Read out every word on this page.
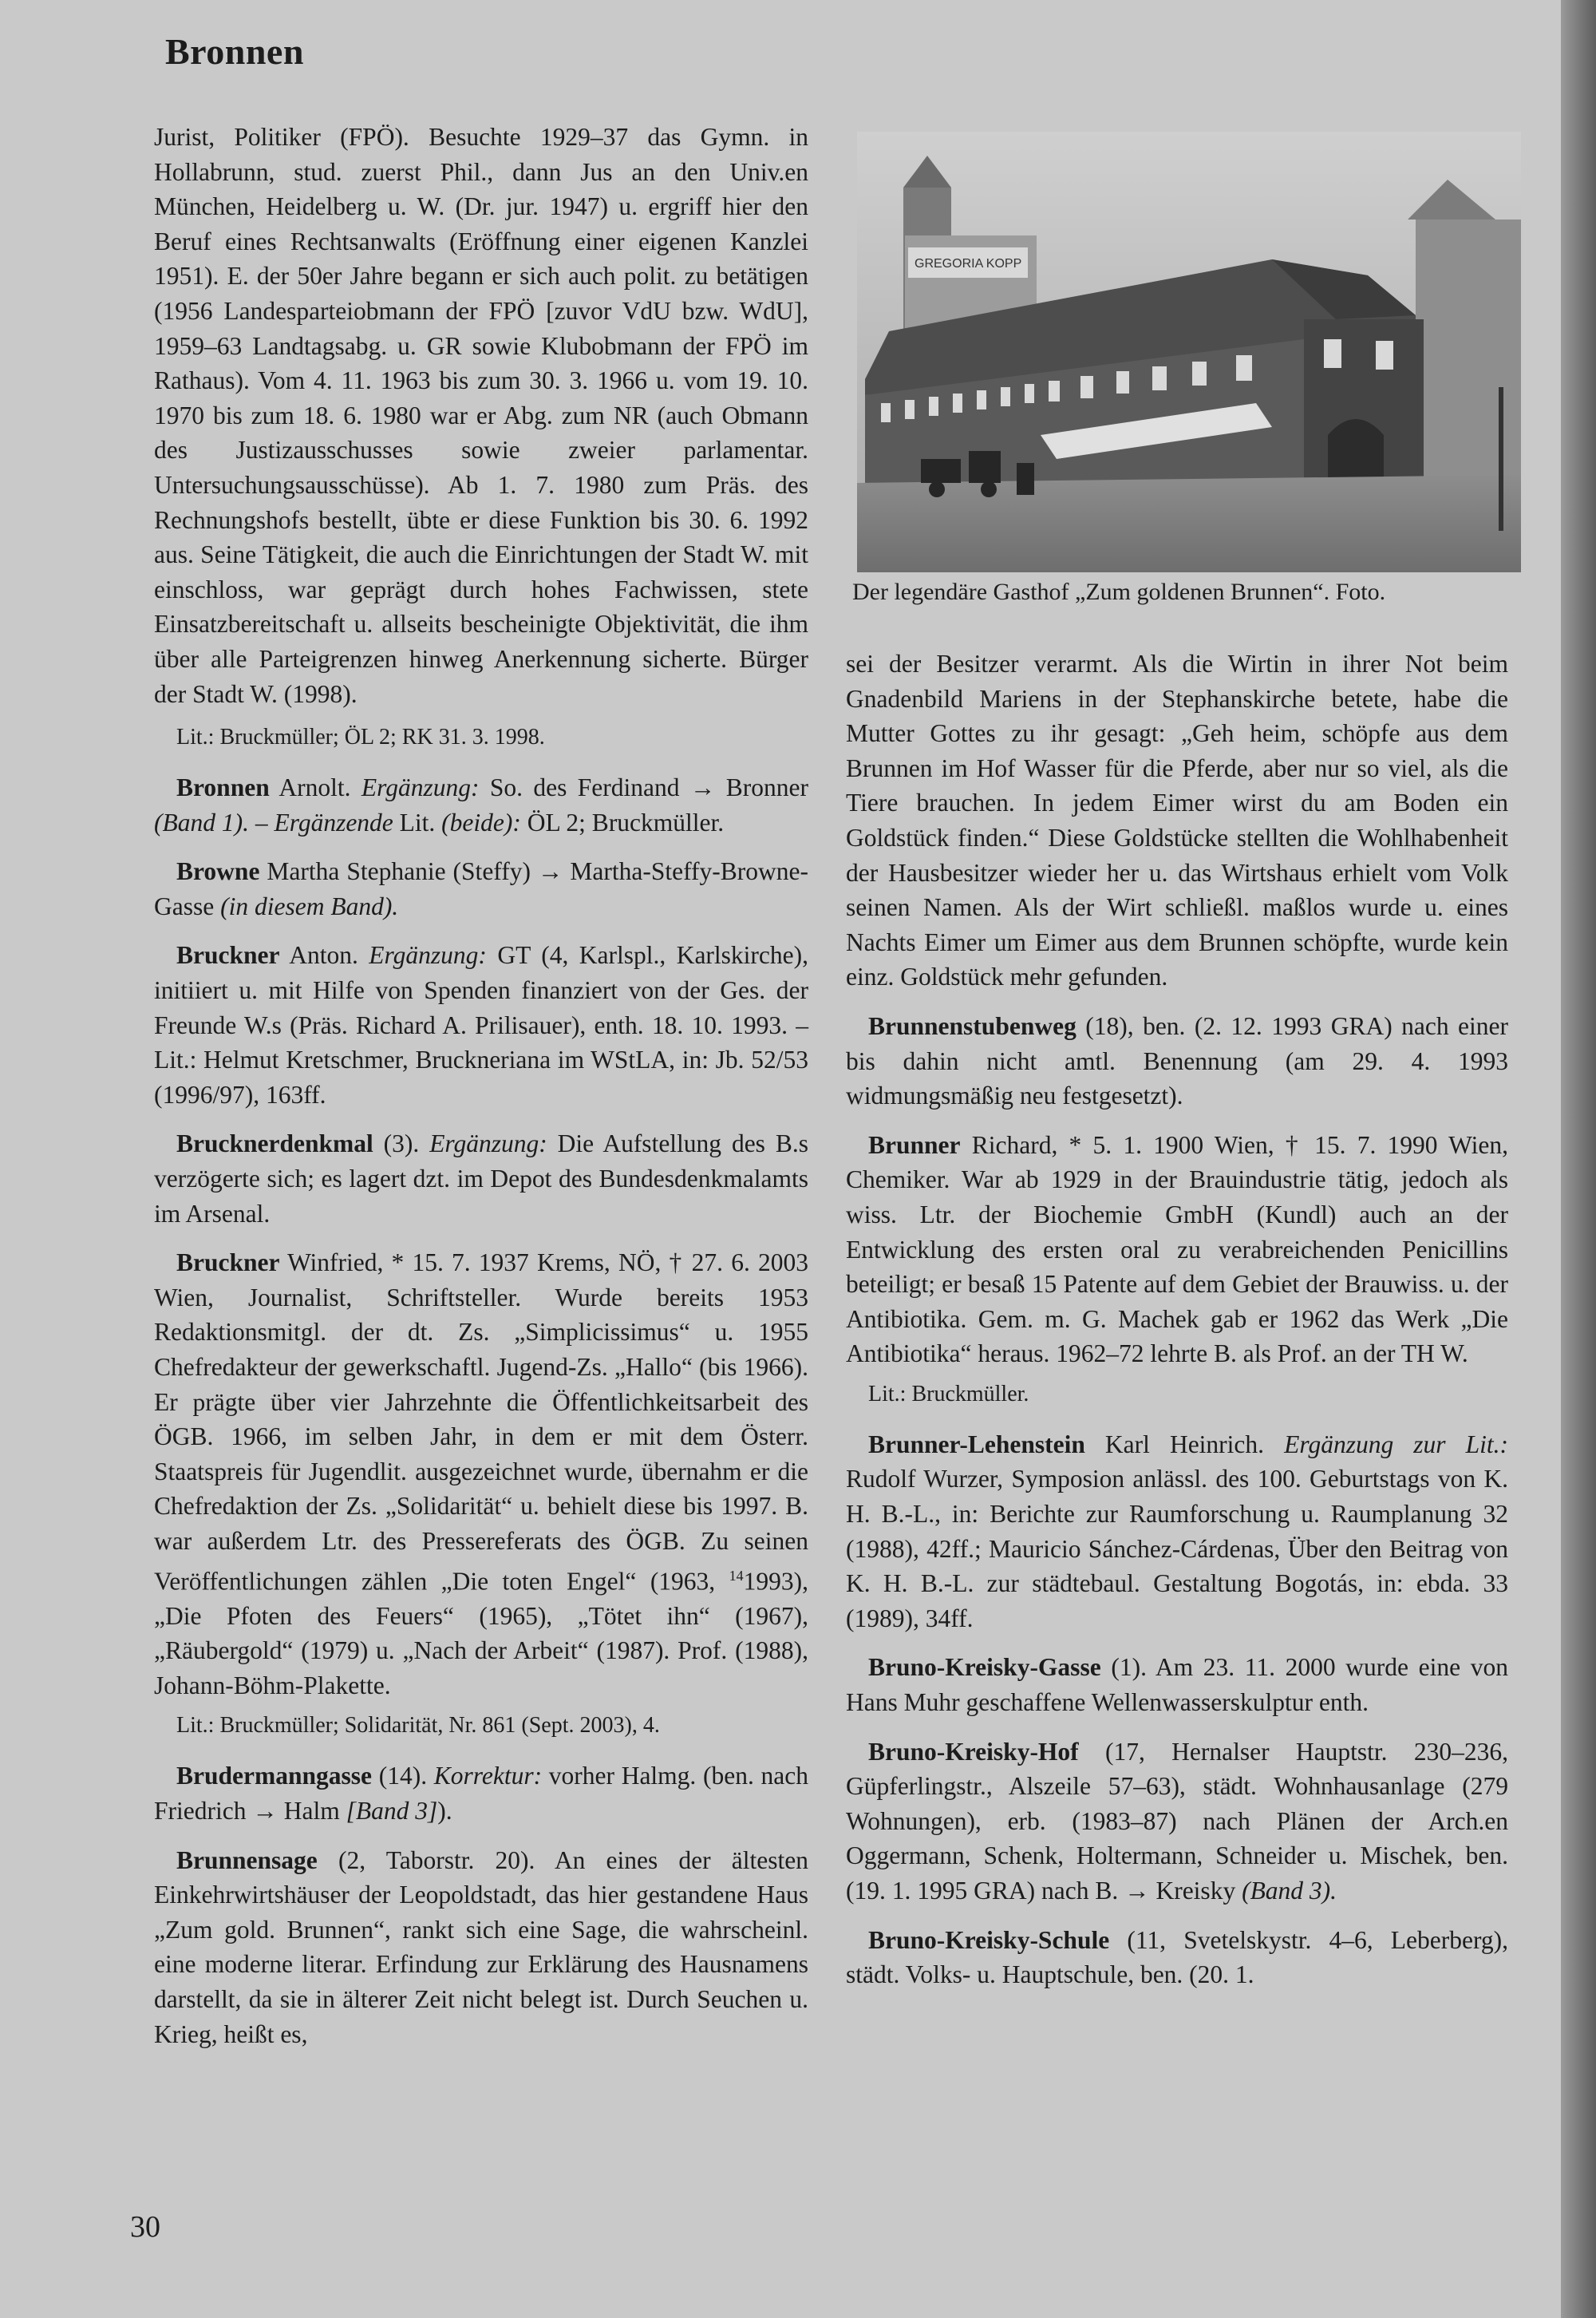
Bronnen

Jurist, Politiker (FPÖ). Besuchte 1929–37 das Gymn. in Hollabrunn, stud. zuerst Phil., dann Jus an den Univ.en München, Heidelberg u. W. (Dr. jur. 1947) u. ergriff hier den Beruf eines Rechtsanwalts (Eröffnung einer eigenen Kanzlei 1951). E. der 50er Jahre begann er sich auch polit. zu betätigen (1956 Landesparteiobmann der FPÖ [zuvor VdU bzw. WdU], 1959–63 Landtagsabg. u. GR sowie Klubobmann der FPÖ im Rathaus). Vom 4. 11. 1963 bis zum 30. 3. 1966 u. vom 19. 10. 1970 bis zum 18. 6. 1980 war er Abg. zum NR (auch Obmann des Justizausschusses sowie zweier parlamentar. Untersuchungsausschüsse). Ab 1. 7. 1980 zum Präs. des Rechnungshofs bestellt, übte er diese Funktion bis 30. 6. 1992 aus. Seine Tätigkeit, die auch die Einrichtungen der Stadt W. mit einschloss, war geprägt durch hohes Fachwissen, stete Einsatzbereitschaft u. allseits bescheinigte Objektivität, die ihm über alle Parteigrenzen hinweg Anerkennung sicherte. Bürger der Stadt W. (1998).

Lit.: Bruckmüller; ÖL 2; RK 31. 3. 1998.

Bronnen Arnolt. Ergänzung: So. des Ferdinand → Bronner (Band 1). – Ergänzende Lit. (beide): ÖL 2; Bruckmüller.

Browne Martha Stephanie (Steffy) → Martha-Steffy-Browne-Gasse (in diesem Band).

Bruckner Anton. Ergänzung: GT (4, Karlspl., Karlskirche), initiiert u. mit Hilfe von Spenden finanziert von der Ges. der Freunde W.s (Präs. Richard A. Prilisauer), enth. 18. 10. 1993. – Lit.: Helmut Kretschmer, Bruckneriana im WStLA, in: Jb. 52/53 (1996/97), 163ff.

Brucknerdenkmal (3). Ergänzung: Die Aufstellung des B.s verzögerte sich; es lagert dzt. im Depot des Bundesdenkmalamts im Arsenal.

Bruckner Winfried, * 15. 7. 1937 Krems, NÖ, † 27. 6. 2003 Wien, Journalist, Schriftsteller. Wurde bereits 1953 Redaktionsmitgl. der dt. Zs. „Simplicissimus“ u. 1955 Chefredakteur der gewerkschaftl. Jugend-Zs. „Hallo“ (bis 1966). Er prägte über vier Jahrzehnte die Öffentlichkeitsarbeit des ÖGB. 1966, im selben Jahr, in dem er mit dem Österr. Staatspreis für Jugendlit. ausgezeichnet wurde, übernahm er die Chefredaktion der Zs. „Solidarität“ u. behielt diese bis 1997. B. war außerdem Ltr. des Pressereferats des ÖGB. Zu seinen Veröffentlichungen zählen „Die toten Engel“ (1963, $^{14}$1993), „Die Pfoten des Feuers“ (1965), „Tötet ihn“ (1967), „Räubergold“ (1979) u. „Nach der Arbeit“ (1987). Prof. (1988), Johann-Böhm-Plakette.

Lit.: Bruckmüller; Solidarität, Nr. 861 (Sept. 2003), 4.

Brudermanngasse (14). Korrektur: vorher Halmg. (ben. nach Friedrich → Halm [Band 3]).

Brunnensage (2, Taborstr. 20). An eines der ältesten Einkehrwirtshäuser der Leopoldstadt, das hier gestandene Haus „Zum gold. Brunnen“, rankt sich eine Sage, die wahrscheinl. eine moderne literar. Erfindung zur Erklärung des Hausnamens darstellt, da sie in älterer Zeit nicht belegt ist. Durch Seuchen u. Krieg, heißt es,

GREGORIA KOPP
Der legendäre Gasthof „Zum goldenen Brunnen“. Foto.

sei der Besitzer verarmt. Als die Wirtin in ihrer Not beim Gnadenbild Mariens in der Stephanskirche betete, habe die Mutter Gottes zu ihr gesagt: „Geh heim, schöpfe aus dem Brunnen im Hof Wasser für die Pferde, aber nur so viel, als die Tiere brauchen. In jedem Eimer wirst du am Boden ein Goldstück finden.“ Diese Goldstücke stellten die Wohlhabenheit der Hausbesitzer wieder her u. das Wirtshaus erhielt vom Volk seinen Namen. Als der Wirt schließl. maßlos wurde u. eines Nachts Eimer um Eimer aus dem Brunnen schöpfte, wurde kein einz. Goldstück mehr gefunden.

Brunnenstubenweg (18), ben. (2. 12. 1993 GRA) nach einer bis dahin nicht amtl. Benennung (am 29. 4. 1993 widmungsmäßig neu festgesetzt).

Brunner Richard, * 5. 1. 1900 Wien, † 15. 7. 1990 Wien, Chemiker. War ab 1929 in der Brauindustrie tätig, jedoch als wiss. Ltr. der Biochemie GmbH (Kundl) auch an der Entwicklung des ersten oral zu verabreichenden Penicillins beteiligt; er besaß 15 Patente auf dem Gebiet der Brauwiss. u. der Antibiotika. Gem. m. G. Machek gab er 1962 das Werk „Die Antibiotika“ heraus. 1962–72 lehrte B. als Prof. an der TH W.

Lit.: Bruckmüller.

Brunner-Lehenstein Karl Heinrich. Ergänzung zur Lit.: Rudolf Wurzer, Symposion anlässl. des 100. Geburtstags von K. H. B.-L., in: Berichte zur Raumforschung u. Raumplanung 32 (1988), 42ff.; Mauricio Sánchez-Cárdenas, Über den Beitrag von K. H. B.-L. zur städtebaul. Gestaltung Bogotás, in: ebda. 33 (1989), 34ff.

Bruno-Kreisky-Gasse (1). Am 23. 11. 2000 wurde eine von Hans Muhr geschaffene Wellenwasserskulptur enth.

Bruno-Kreisky-Hof (17, Hernalser Hauptstr. 230–236, Güpferlingstr., Alszeile 57–63), städt. Wohnhausanlage (279 Wohnungen), erb. (1983–87) nach Plänen der Arch.en Oggermann, Schenk, Holtermann, Schneider u. Mischek, ben. (19. 1. 1995 GRA) nach B. → Kreisky (Band 3).

Bruno-Kreisky-Schule (11, Svetelskystr. 4–6, Leberberg), städt. Volks- u. Hauptschule, ben. (20. 1.

30
